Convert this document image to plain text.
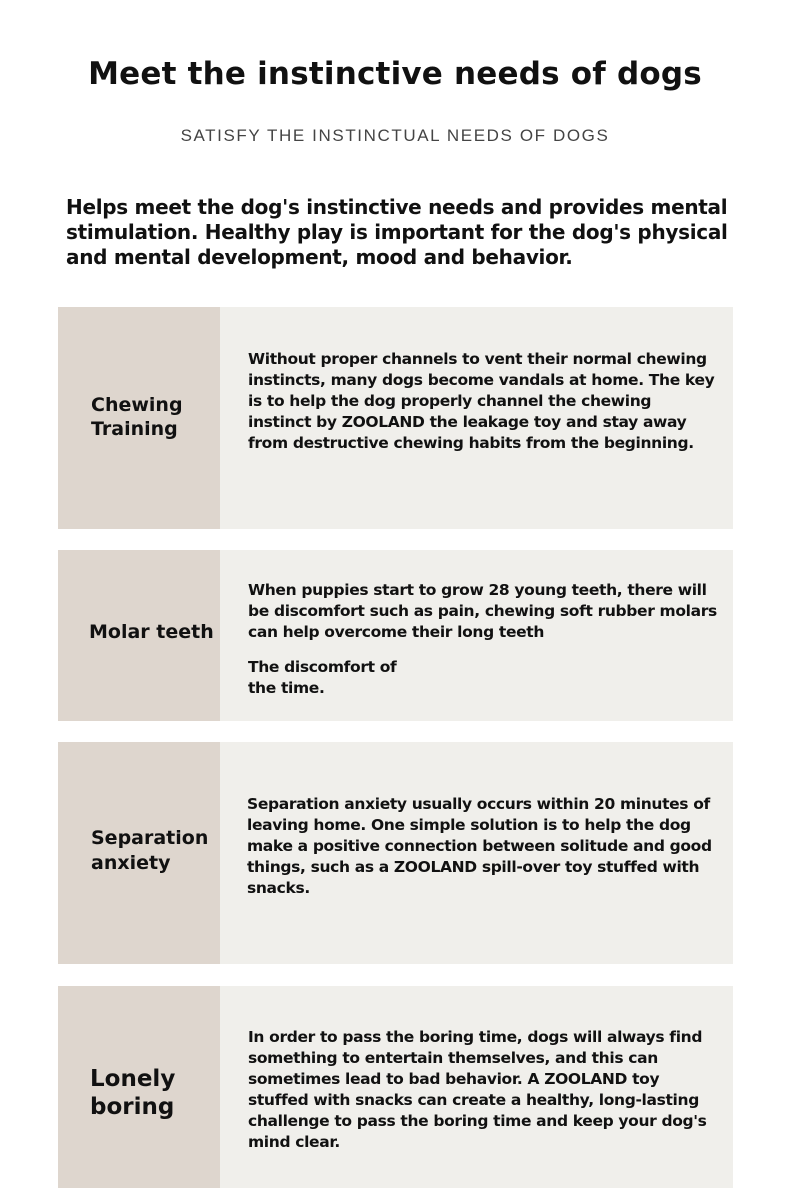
Meet the instinctive needs of dogs
SATISFY THE INSTINCTUAL NEEDS OF DOGS
Helps meet the dog's instinctive needs and provides mental stimulation. Healthy play is important for the dog's physical and mental development, mood and behavior.
Chewing Training

Without proper channels to vent their normal chewing instincts, many dogs become vandals at home. The key is to help the dog properly channel the chewing instinct by ZOOLAND the leakage toy and stay away from destructive chewing habits from the beginning.

Molar teeth

When puppies start to grow 28 young teeth, there will be discomfort such as pain, chewing soft rubber molars can help overcome their long teeth

The discomfort of the time.

Separation anxiety

Separation anxiety usually occurs within 20 minutes of leaving home. One simple solution is to help the dog make a positive connection between solitude and good things, such as a ZOOLAND spill-over toy stuffed with snacks.

Lonely boring

In order to pass the boring time, dogs will always find something to entertain themselves, and this can sometimes lead to bad behavior. A ZOOLAND toy stuffed with snacks can create a healthy, long-lasting challenge to pass the boring time and keep your dog's mind clear.
